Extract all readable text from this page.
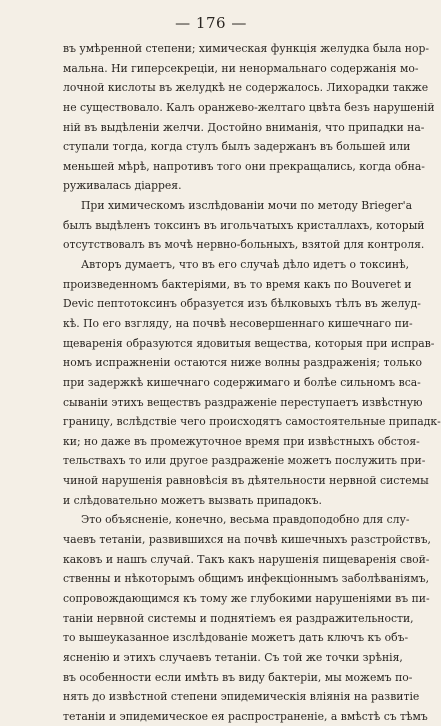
— 176 —
въ умѣренной степени; химическая функція желудка была нор-
мальна. Ни гиперсекреціи, ни ненормальнаго содержанія мо-
лочной кислоты въ желудкѣ не содержалось. Лихорадки также
не существовало. Калъ оранжево-желтаго цвѣта безъ нарушеній
ній въ выдѣленіи желчи. Достойно вниманія, что припадки на-
ступали тогда, когда стулъ былъ задержанъ въ большей или
меньшей мѣрѣ, напротивъ того они прекращались, когда обна-
руживалась діаррея.
При химическомъ изслѣдованіи мочи по методу Brieger'а
былъ выдѣленъ токсинъ въ игольчатыхъ кристаллахъ, который
отсутствовалъ въ мочѣ нервно-больныхъ, взятой для контроля.
Авторъ думаетъ, что въ его случаѣ дѣло идетъ о токсинѣ,
произведенномъ бактеріями, въ то время какъ по Bouveret и
Devic пептотоксинъ образуется изъ бѣлковыхъ тѣлъ въ желуд-
кѣ. По его взгляду, на почвѣ несовершеннаго кишечнаго пи-
щеваренія образуются ядовитыя вещества, которыя при исправ-
номъ испражненіи остаются ниже волны раздраженія; только
при задержкѣ кишечнаго содержимаго и болѣе сильномъ вса-
сываніи этихъ веществъ раздраженіе переступаетъ извѣстную
границу, вслѣдствіе чего происходятъ самостоятельные припадк-
ки; но даже въ промежуточное время при извѣстныхъ обстоя-
тельствахъ то или другое раздраженіе можетъ послужить при-
чиной нарушенія равновѣсія въ дѣятельности нервной системы
и слѣдовательно можетъ вызвать припадокъ.
Это объясненіе, конечно, весьма правдоподобно для слу-
чаевъ тетаніи, развившихся на почвѣ кишечныхъ разстройствъ,
каковъ и нашъ случай. Такъ какъ нарушенія пищеваренія свой-
ственны и нѣкоторымъ общимъ инфекціоннымъ заболѣваніямъ,
сопровождающимся къ тому же глубокими нарушеніями въ пи-
таніи нервной системы и поднятіемъ ея раздражительности,
то вышеуказанное изслѣдованіе можетъ дать ключъ къ объ-
ясненію и этихъ случаевъ тетаніи. Съ той же точки зрѣнія,
въ особенности если имѣть въ виду бактеріи, мы можемъ по-
нять до извѣстной степени эпидемическія вліянія на развитіе
тетаніи и эпидемическое ея распространеніе, а вмѣстѣ съ тѣмъ
